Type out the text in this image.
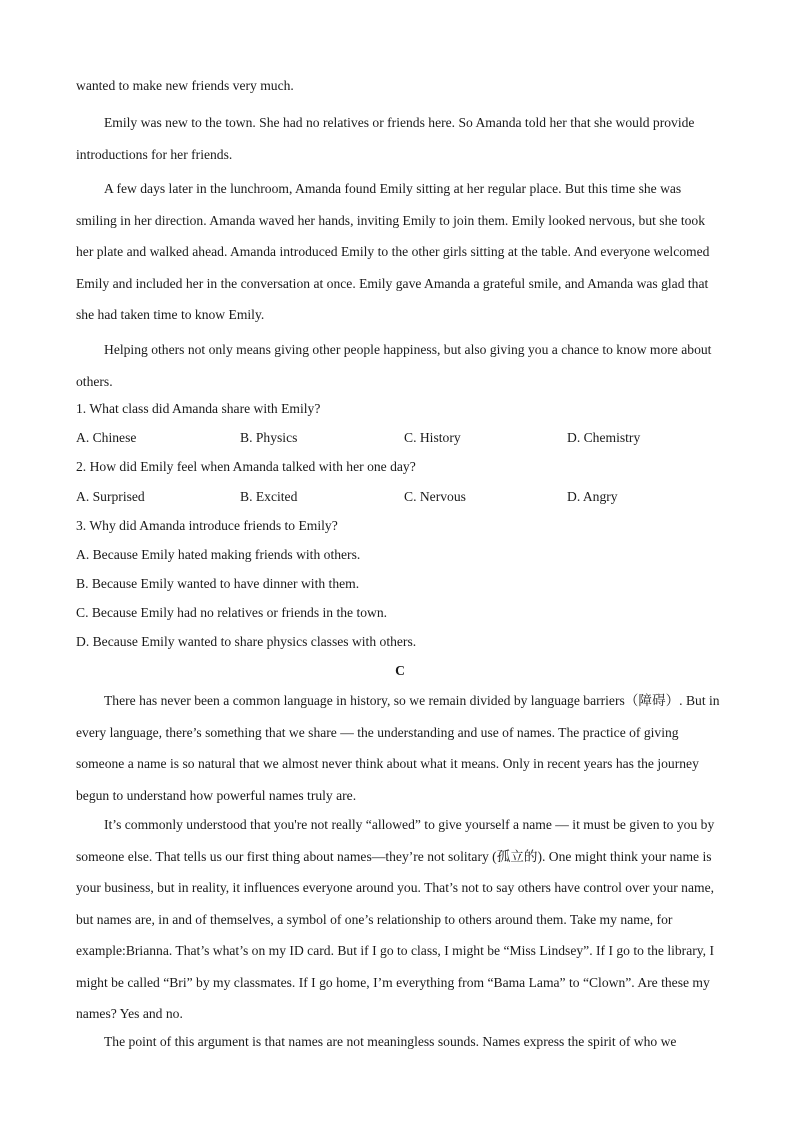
wanted to make new friends very much.

Emily was new to the town. She had no relatives or friends here. So Amanda told her that she would provide introductions for her friends.

A few days later in the lunchroom, Amanda found Emily sitting at her regular place. But this time she was smiling in her direction. Amanda waved her hands, inviting Emily to join them. Emily looked nervous, but she took her plate and walked ahead. Amanda introduced Emily to the other girls sitting at the table. And everyone welcomed Emily and included her in the conversation at once. Emily gave Amanda a grateful smile, and Amanda was glad that she had taken time to know Emily.

Helping others not only means giving other people happiness, but also giving you a chance to know more about others.

1. What class did Amanda share with Emily?

A. Chinese	B. Physics	C. History	D. Chemistry

2. How did Emily feel when Amanda talked with her one day?

A. Surprised	B. Excited	C. Nervous	D. Angry

3. Why did Amanda introduce friends to Emily?

A. Because Emily hated making friends with others.

B. Because Emily wanted to have dinner with them.

C. Because Emily had no relatives or friends in the town.

D. Because Emily wanted to share physics classes with others.

C

There has never been a common language in history, so we remain divided by language barriers（障碍）. But in every language, there’s something that we share — the understanding and use of names. The practice of giving someone a name is so natural that we almost never think about what it means. Only in recent years has the journey begun to understand how powerful names truly are.

It’s commonly understood that you're not really “allowed” to give yourself a name — it must be given to you by someone else. That tells us our first thing about names—they’re not solitary (孤立的). One might think your name is your business, but in reality, it influences everyone around you. That’s not to say others have control over your name, but names are, in and of themselves, a symbol of one’s relationship to others around them. Take my name, for example:Brianna. That’s what’s on my ID card. But if I go to class, I might be “Miss Lindsey”. If I go to the library, I might be called “Bri” by my classmates. If I go home, I’m everything from “Bama Lama” to “Clown”. Are these my names? Yes and no.

The point of this argument is that names are not meaningless sounds. Names express the spirit of who we
